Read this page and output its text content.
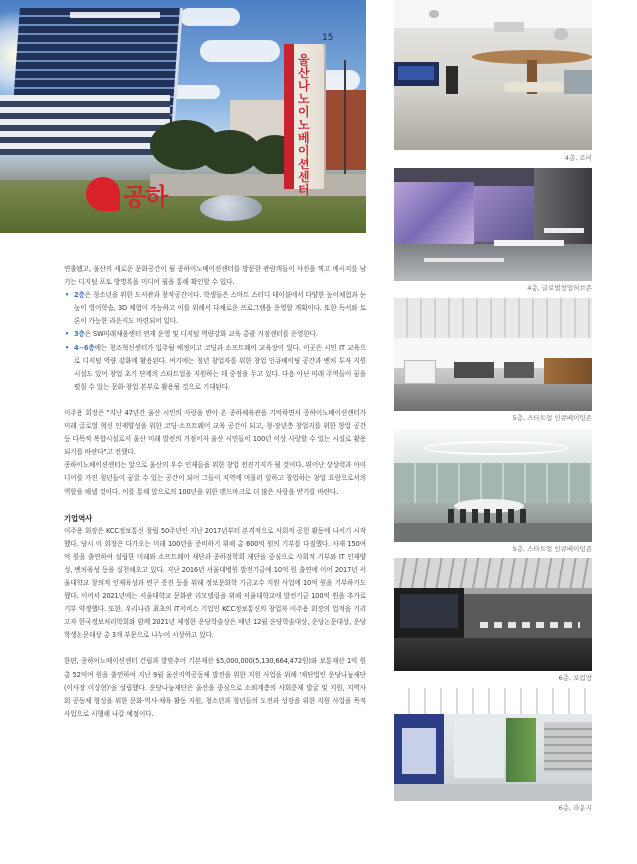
울산나노이노베이션센터
공하
15
4층, 로비
4층, 글로벌창업허브존
5층, 스타트업 인큐베이팅존
5층, 스타트업 인큐베이팅존
6층, 포럼장
6층, 라운지

연출됐고, 울산의 새로운 문화공간이 될 종하이노베이션센터를 방문한 관람객들이 사진을 찍고 메시지를 남기는 디지털 포토 방명록을 미디어 월을 통해 확인할 수 있다.

• 2층은 청소년을 위한 도서관과 창작공간이다. 학생들은 스마트 스터디 테이블에서 다양한 높이체험과 눈높이 영어학습, 3D 체험이 가능하고 이를 위해서 다채로운 프로그램을 운영할 계획이다. 또한 독서와 토론이 가능한 라운지도 마련되어 있다.
• 3층은 SW미래채움센터 연계 운영 및 디지털 역량강화 교육 총괄 거점센터를 운영한다.
• 4~6층에는 창조혁신센터가 입주될 예정이고 코딩과 소프트웨어 교육장이 있다. 이곳은 시민 IT 교육으로 디지털 역량 강화에 활용된다. 여기에는 청년 창업자를 위한 창업 인큐베이팅 공간과 벤처 투자 지원시설도 있어 창업 초기 단계의 스타트업을 지원하는 데 중점을 두고 있다. 다음 아닌 미래 주역들이 꿈을 펼칠 수 있는 문화·창업 본부로 활용될 것으로 기대된다.

이주용 회장은 "지난 47년간 울산 시민의 사랑을 받아 온 종하체육관을 기억하면서 종하이노베이션센터가 미래 글로벌 혁신 인재양성을 위한 코딩·소프트웨어 교육 공간이 되고, 청·장년층 창업지를 위한 창업 공간 등 다목적 복합시설로서 울산 미래 발전의 거점이자 울산 시민들이 100년 이상 사랑할 수 있는 시설로 활용되기를 바란다"고 전했다.

종하이노베이션센터는 앞으로 울산의 우수 인재들을 위한 창업 전진기지가 될 것이다. 뛰어난 상상력과 아이디어를 가진 청년들이 꿈꿀 수 있는 공간이 되어 그들이 지역에 머물러 일하고 창업하는 창업 요람으로서의 역할을 해낼 것이다. 이를 통해 앞으로의 100년을 위한 랜드마크로 더 많은 사랑을 받기를 바란다.

기업역사

이주용 회장은 KCC정보통신 창립 50주년인 지난 2017년부터 본격적으로 사회적 공헌 활동에 나서기 시작했다. 당시 이 회장은 다가오는 미래 100년을 준비하기 위해 총 600억 원의 기부를 다짐했다. 사재 150여억 원을 출연하여 설립한 미래와 소프트웨어 재단과 종하장학회 재단을 중심으로 사회적 기부와 IT 인재양성, 벤처육성 등을 실천해오고 있다. 지난 2016년 서울대병원 발전기금에 10억 원 출연에 이어 2017년 서울대학교 창의적 인재육성과 연구 증진 등을 위해 정보문화학 기금교수 지원 사업에 10억 원을 기부하기도 했다. 이어서 2021년에는 서울대학교 문화관 리모델링을 위해 서울대학교에 발전기금 100억 원을 추가로 기부 약정했다. 또한, 우리나라 최초의 IT서비스 기업인 KCC정보통신의 창업자 이주용 회장의 업적을 기리고자 한국정보처리학회와 함께 2021년 제정한 운당학술상은 매년 12월 운당학술대상, 운당논문대상, 운당학생논문대상 총 3개 부문으로 나누어 시상하고 있다.

한편, 종하이노베이션센터 건립과 발맞추어 기본재산 $5,000,000(5,130,664,472원)와 보통재산 1억 원 총 52억여 원을 출연하여 지난 9월 울산지역공동체 발전을 위한 지원 사업을 위해 '재단법인 운당나눔재단(이사장 이상현)'을 설립했다. 운당나눔재단은 울산을 중심으로 소외계층의 사회문제 발굴 및 지원, 지역사회 공동체 형성을 위한 문화·역사·체육 활동 지원, 청소년과 청년들의 도전과 성장을 위한 지원 사업을 목적 사업으로 시행해 나갈 예정이다.
